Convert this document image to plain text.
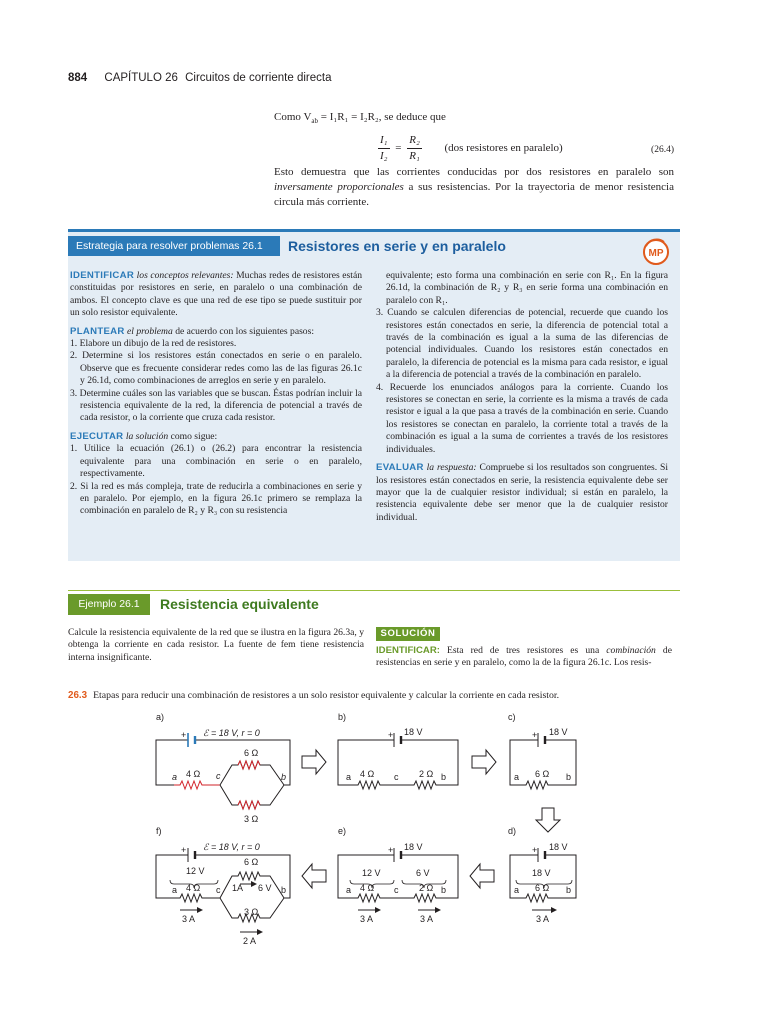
884 CAPÍTULO 26 Circuitos de corriente directa
Como $V_{ab} = I_1R_1 = I_2R_2$, se deduce que
$\frac{\text{I₁}}{\text{I₂}} = \frac{\text{R₂}}{\text{R₁}} (dos$ resistores en paralelo)	(26.4)
Esto demuestra que las corrientes conducidas por dos resistores en paralelo son inversamente proporcionales a sus resistencias. Por la trayectoria de menor resistencia circula más corriente.
Estrategia para resolver problemas 26.1	Resistores en serie y en paralelo	MP

IDENTIFICAR los conceptos relevantes: Muchas redes de resistores están constituidas por resistores en serie, en paralelo o una combinación de ambos. El concepto clave es que una red de ese tipo se puede sustituir por un solo resistor equivalente.

PLANTEAR el problema de acuerdo con los siguientes pasos:
1. Elabore un dibujo de la red de resistores.
2. Determine si los resistores están conectados en serie o en paralelo. Observe que es frecuente considerar redes como las de las figuras 26.1c y 26.1d, como combinaciones de arreglos en serie y en paralelo.
3. Determine cuáles son las variables que se buscan. Éstas podrían incluir la resistencia equivalente de la red, la diferencia de potencial a través de cada resistor, o la corriente que cruza cada resistor.

EJECUTAR la solución como sigue:
1. Utilice la ecuación (26.1) o (26.2) para encontrar la resistencia equivalente para una combinación en serie o en paralelo, respectivamente.
2. Si la red es más compleja, trate de reducirla a combinaciones en serie y en paralelo. Por ejemplo, en la figura 26.1c primero se remplaza la combinación en paralelo de R₂ y R₃ con su resistencia

equivalente; esto forma una combinación en serie con R₁. En la figura 26.1d, la combinación de R₂ y R₃ en serie forma una combinación en paralelo con R₁.
3. Cuando se calculen diferencias de potencial, recuerde que cuando los resistores están conectados en serie, la diferencia de potencial total a través de la combinación es igual a la suma de las diferencias de potencial individuales. Cuando los resistores están conectados en paralelo, la diferencia de potencial es la misma para cada resistor, e igual a la diferencia de potencial a través de la combinación en paralelo.
4. Recuerde los enunciados análogos para la corriente. Cuando los resistores se conectan en serie, la corriente es la misma a través de cada resistor e igual a la que pasa a través de la combinación en serie. Cuando los resistores se conectan en paralelo, la corriente total a través de la combinación es igual a la suma de corrientes a través de los resistores individuales.

EVALUAR la respuesta: Compruebe si los resultados son congruentes. Si los resistores están conectados en serie, la resistencia equivalente debe ser mayor que la de cualquier resistor individual; si están en paralelo, la resistencia equivalente debe ser menor que la de cualquier resistor individual.

Ejemplo 26.1	Resistencia equivalente
Calcule la resistencia equivalente de la red que se ilustra en la figura 26.3a, y obtenga la corriente en cada resistor. La fuente de fem tiene resistencia interna insignificante.
SOLUCIÓN
IDENTIFICAR: Esta red de tres resistores es una combinación de resistencias en serie y en paralelo, como la de la figura 26.1c. Los resis-
26.3 Etapas para reducir una combinación de resistores a un solo resistor equivalente y calcular la corriente en cada resistor.
a)	b)	c)
d)
e)
f)
+ ℰ = 18 V, r = 0
6 Ω
4 Ω
3 Ω
a	c	b
+ 18 V
4 Ω	2 Ω
a	c	b
+ 18 V
6 Ω
a	b
+ 18 V
18 V
6 Ω
a	b
3 A
+ 18 V
12 V	6 V
4 Ω	2 Ω
a	c	b
3 A	3 A
+ ℰ = 18 V, r = 0
6 Ω
12 V
4 Ω	1A 6 V
3 Ω
a	c	b
3 A
2 A
